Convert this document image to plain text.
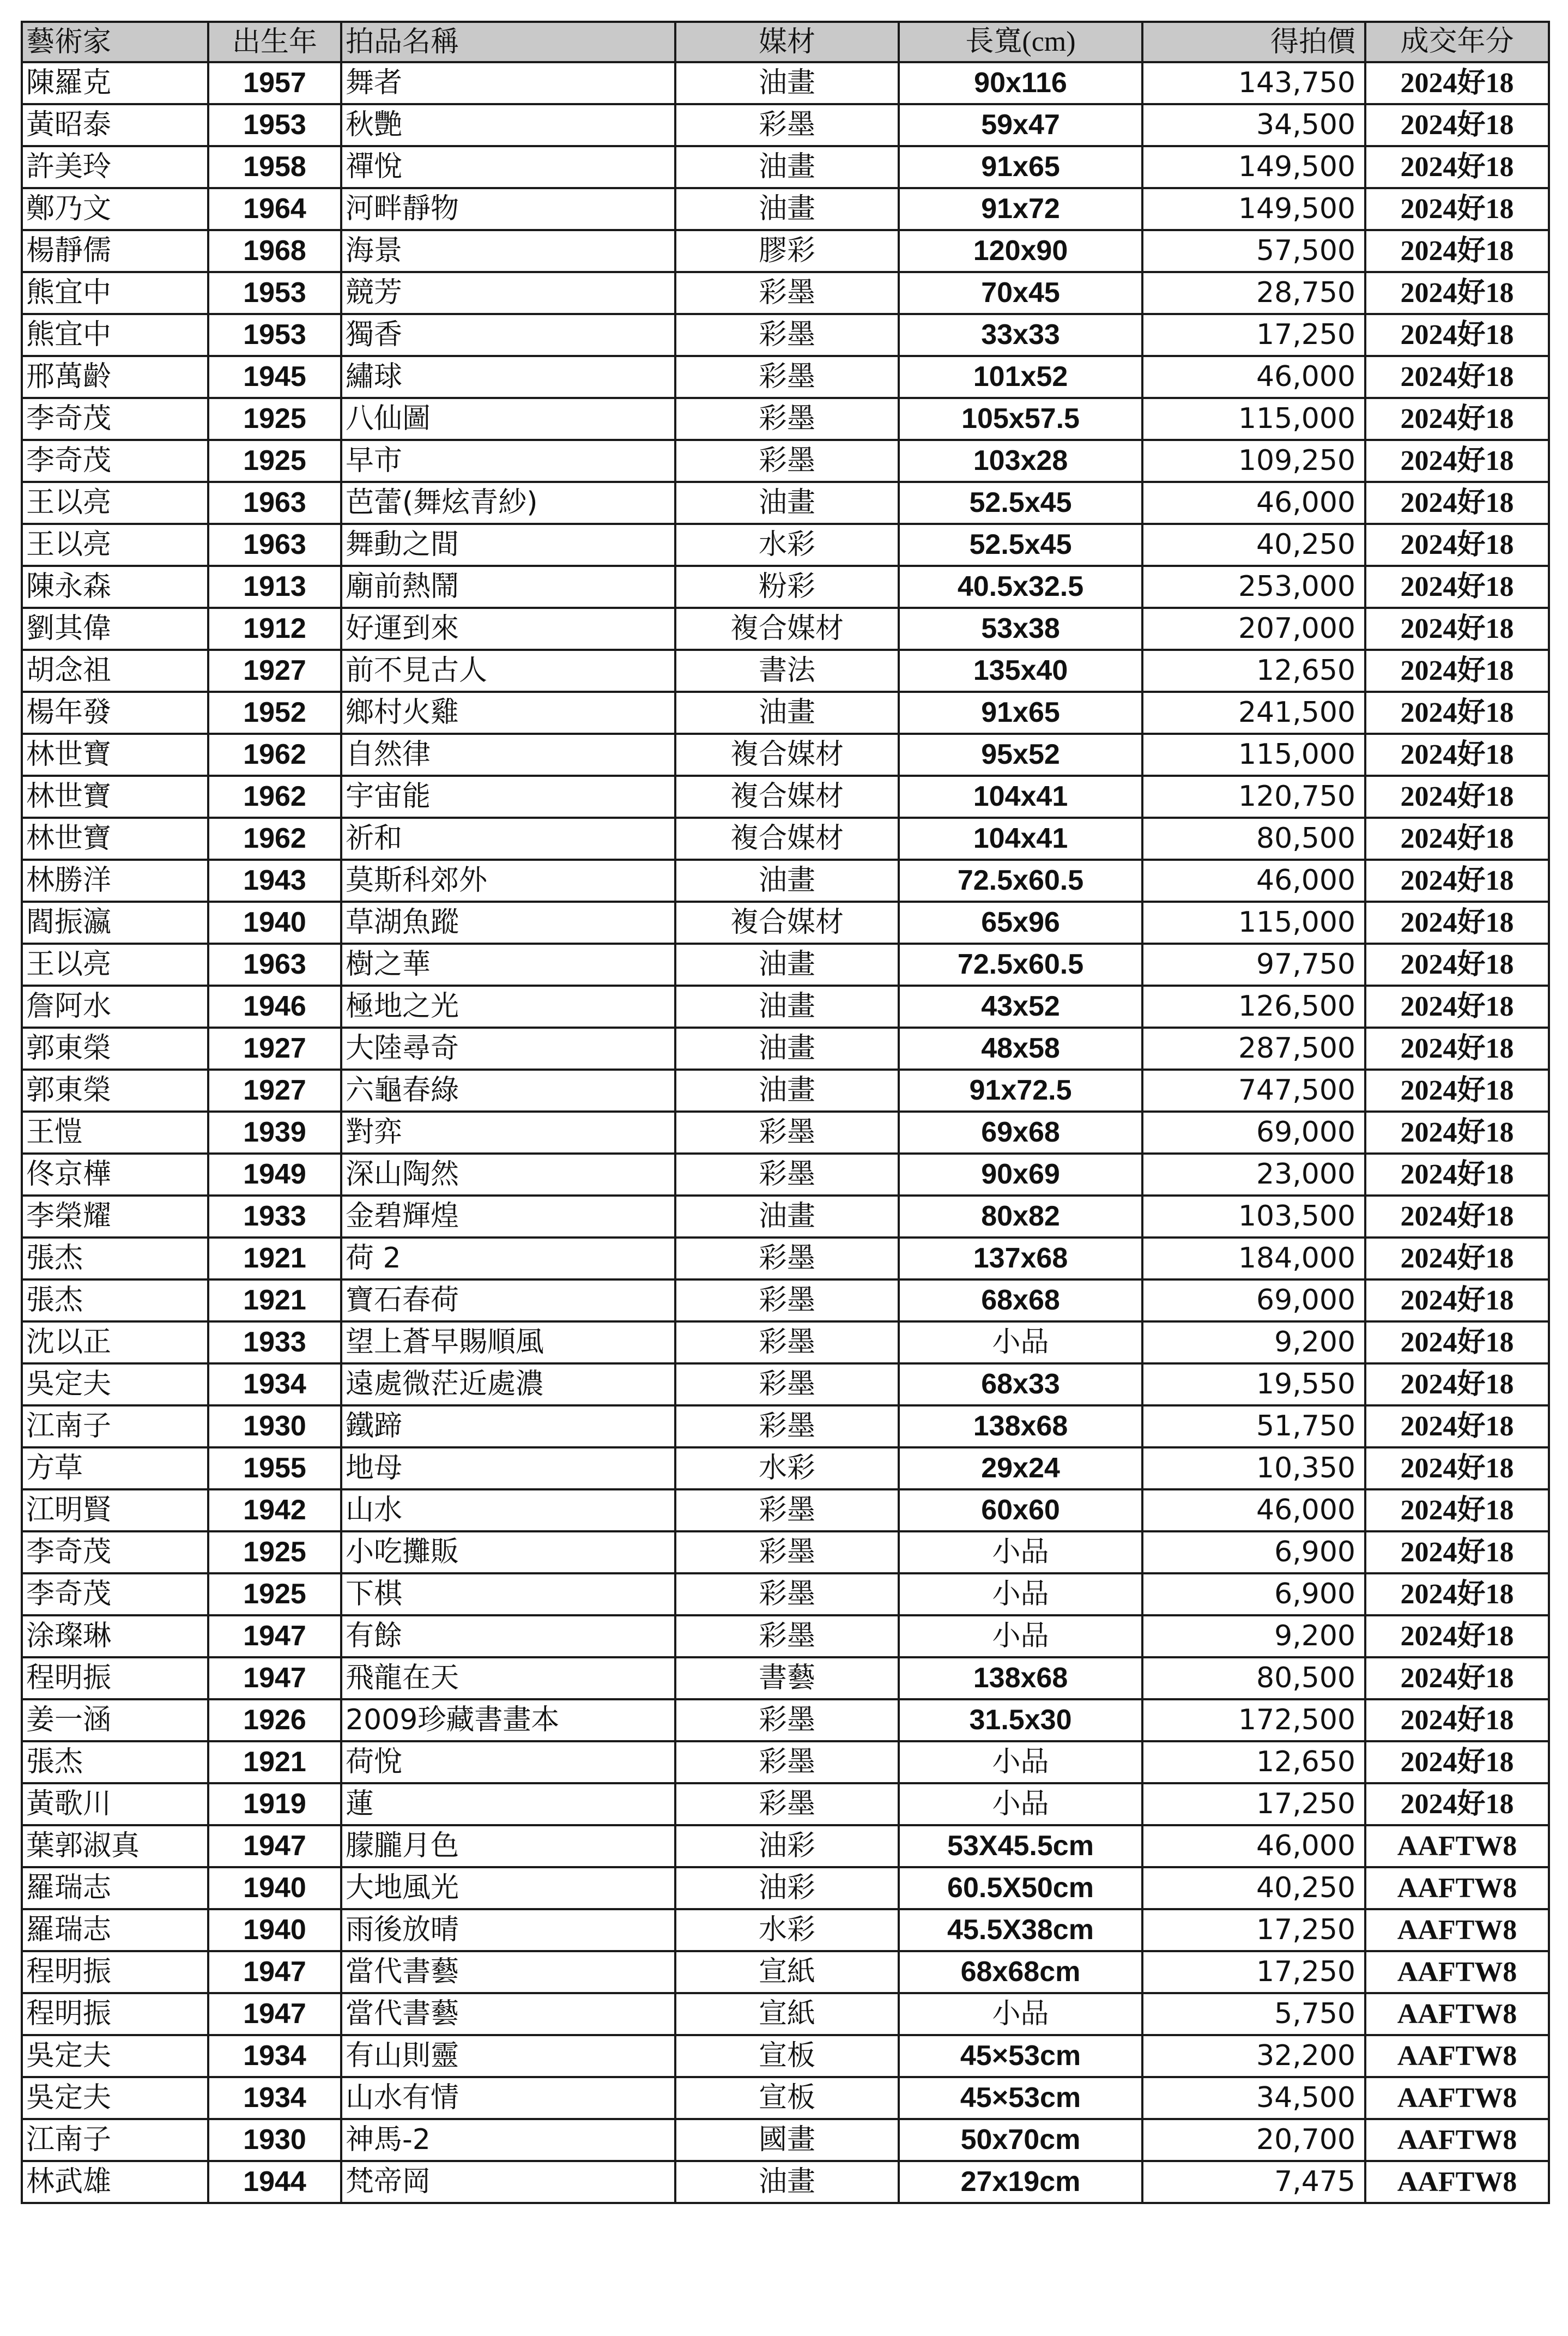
藝術家	出生年	拍品名稱	媒材	長寬(cm)	得拍價	成交年分
陳羅克	1957	舞者	油畫	90x116	143,750	2024好18
黃昭泰	1953	秋艷	彩墨	59x47	34,500	2024好18
許美玲	1958	禪悅	油畫	91x65	149,500	2024好18
鄭乃文	1964	河畔靜物	油畫	91x72	149,500	2024好18
楊靜儒	1968	海景	膠彩	120x90	57,500	2024好18
熊宜中	1953	競芳	彩墨	70x45	28,750	2024好18
熊宜中	1953	獨香	彩墨	33x33	17,250	2024好18
邢萬齡	1945	繡球	彩墨	101x52	46,000	2024好18
李奇茂	1925	八仙圖	彩墨	105x57.5	115,000	2024好18
李奇茂	1925	早市	彩墨	103x28	109,250	2024好18
王以亮	1963	芭蕾(舞炫青紗)	油畫	52.5x45	46,000	2024好18
王以亮	1963	舞動之間	水彩	52.5x45	40,250	2024好18
陳永森	1913	廟前熱鬧	粉彩	40.5x32.5	253,000	2024好18
劉其偉	1912	好運到來	複合媒材	53x38	207,000	2024好18
胡念祖	1927	前不見古人	書法	135x40	12,650	2024好18
楊年發	1952	鄉村火雞	油畫	91x65	241,500	2024好18
林世寶	1962	自然律	複合媒材	95x52	115,000	2024好18
林世寶	1962	宇宙能	複合媒材	104x41	120,750	2024好18
林世寶	1962	祈和	複合媒材	104x41	80,500	2024好18
林勝洋	1943	莫斯科郊外	油畫	72.5x60.5	46,000	2024好18
閻振瀛	1940	草湖魚蹤	複合媒材	65x96	115,000	2024好18
王以亮	1963	樹之華	油畫	72.5x60.5	97,750	2024好18
詹阿水	1946	極地之光	油畫	43x52	126,500	2024好18
郭東榮	1927	大陸尋奇	油畫	48x58	287,500	2024好18
郭東榮	1927	六龜春綠	油畫	91x72.5	747,500	2024好18
王愷	1939	對弈	彩墨	69x68	69,000	2024好18
佟京樺	1949	深山陶然	彩墨	90x69	23,000	2024好18
李榮耀	1933	金碧輝煌	油畫	80x82	103,500	2024好18
張杰	1921	荷 2	彩墨	137x68	184,000	2024好18
張杰	1921	寶石春荷	彩墨	68x68	69,000	2024好18
沈以正	1933	望上蒼早賜順風	彩墨	小品	9,200	2024好18
吳定夫	1934	遠處微茫近處濃	彩墨	68x33	19,550	2024好18
江南子	1930	鐵蹄	彩墨	138x68	51,750	2024好18
方草	1955	地母	水彩	29x24	10,350	2024好18
江明賢	1942	山水	彩墨	60x60	46,000	2024好18
李奇茂	1925	小吃攤販	彩墨	小品	6,900	2024好18
李奇茂	1925	下棋	彩墨	小品	6,900	2024好18
涂璨琳	1947	有餘	彩墨	小品	9,200	2024好18
程明振	1947	飛龍在天	書藝	138x68	80,500	2024好18
姜一涵	1926	2009珍藏書畫本	彩墨	31.5x30	172,500	2024好18
張杰	1921	荷悅	彩墨	小品	12,650	2024好18
黃歌川	1919	蓮	彩墨	小品	17,250	2024好18
葉郭淑真	1947	朦朧月色	油彩	53X45.5cm	46,000	AAFTW8
羅瑞志	1940	大地風光	油彩	60.5X50cm	40,250	AAFTW8
羅瑞志	1940	雨後放晴	水彩	45.5X38cm	17,250	AAFTW8
程明振	1947	當代書藝	宣紙	68x68cm	17,250	AAFTW8
程明振	1947	當代書藝	宣紙	小品	5,750	AAFTW8
吳定夫	1934	有山則靈	宣板	45×53cm	32,200	AAFTW8
吳定夫	1934	山水有情	宣板	45×53cm	34,500	AAFTW8
江南子	1930	神馬-2	國畫	50x70cm	20,700	AAFTW8
林武雄	1944	梵帝岡	油畫	27x19cm	7,475	AAFTW8
